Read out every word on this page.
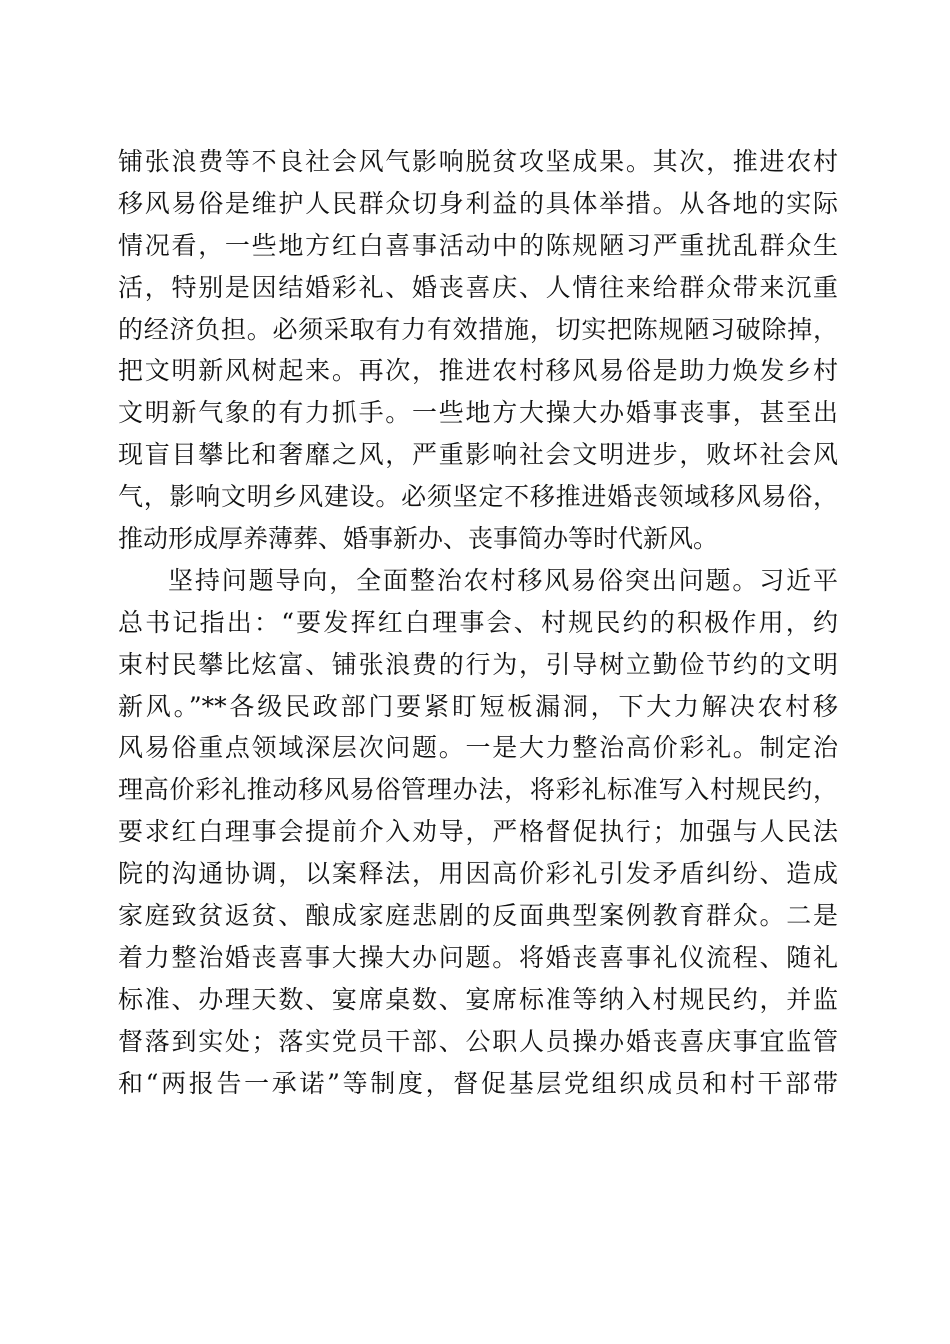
铺张浪费等不良社会风气影响脱贫攻坚成果。其次，推进农村
移风易俗是维护人民群众切身利益的具体举措。从各地的实际
情况看，一些地方红白喜事活动中的陈规陋习严重扰乱群众生
活，特别是因结婚彩礼、婚丧喜庆、人情往来给群众带来沉重
的经济负担。必须采取有力有效措施，切实把陈规陋习破除掉，
把文明新风树起来。再次，推进农村移风易俗是助力焕发乡村
文明新气象的有力抓手。一些地方大操大办婚事丧事，甚至出
现盲目攀比和奢靡之风，严重影响社会文明进步，败坏社会风
气，影响文明乡风建设。必须坚定不移推进婚丧领域移风易俗，
推动形成厚养薄葬、婚事新办、丧事简办等时代新风。
坚持问题导向，全面整治农村移风易俗突出问题。习近平
总书记指出：“要发挥红白理事会、村规民约的积极作用，约
束村民攀比炫富、铺张浪费的行为，引导树立勤俭节约的文明
新风。”**各级民政部门要紧盯短板漏洞，下大力解决农村移
风易俗重点领域深层次问题。一是大力整治高价彩礼。制定治
理高价彩礼推动移风易俗管理办法，将彩礼标准写入村规民约，
要求红白理事会提前介入劝导，严格督促执行；加强与人民法
院的沟通协调，以案释法，用因高价彩礼引发矛盾纠纷、造成
家庭致贫返贫、酿成家庭悲剧的反面典型案例教育群众。二是
着力整治婚丧喜事大操大办问题。将婚丧喜事礼仪流程、随礼
标准、办理天数、宴席桌数、宴席标准等纳入村规民约，并监
督落到实处；落实党员干部、公职人员操办婚丧喜庆事宜监管
和“两报告一承诺”等制度，督促基层党组织成员和村干部带
